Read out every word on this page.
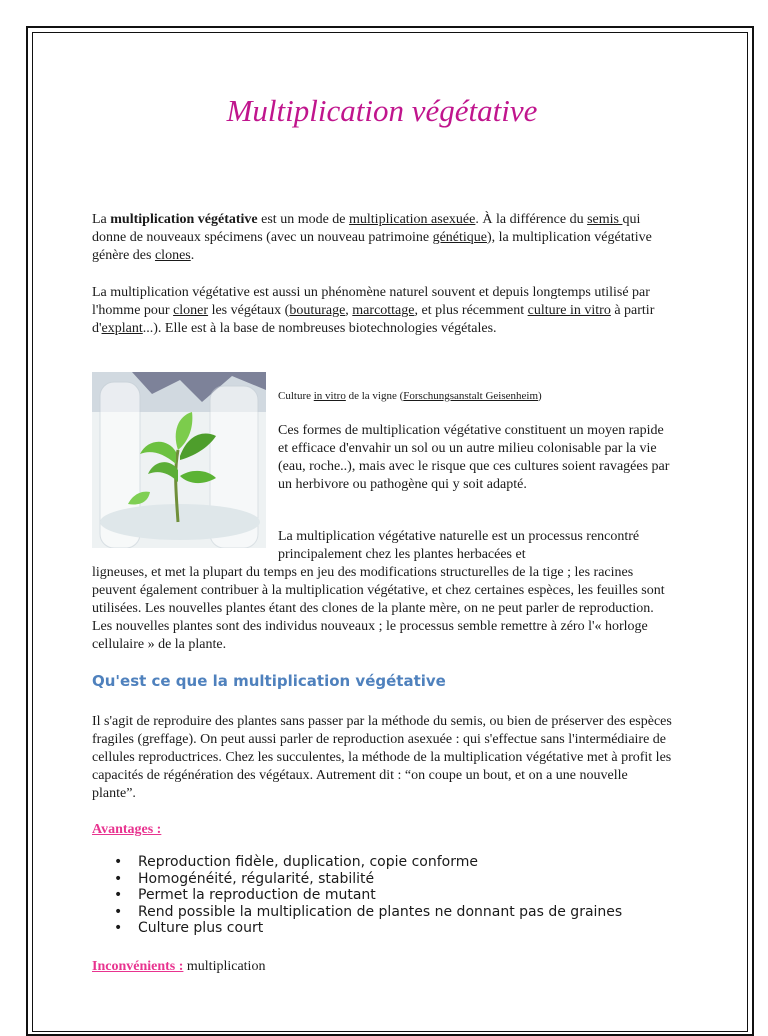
Multiplication végétative

La multiplication végétative est un mode de multiplication asexuée. À la différence du semis qui donne de nouveaux spécimens (avec un nouveau patrimoine génétique), la multiplication végétative génère des clones.

La multiplication végétative est aussi un phénomène naturel souvent et depuis longtemps utilisé par l'homme pour cloner les végétaux (bouturage, marcottage, et plus récemment culture in vitro à partir d'explant...). Elle est à la base de nombreuses biotechnologies végétales.

Culture in vitro de la vigne (Forschungsanstalt Geisenheim)

Ces formes de multiplication végétative constituent un moyen rapide et efficace d'envahir un sol ou un autre milieu colonisable par la vie (eau, roche..), mais avec le risque que ces cultures soient ravagées par un herbivore ou pathogène qui y soit adapté.

La multiplication végétative naturelle est un processus rencontré principalement chez les plantes herbacées et

ligneuses, et met la plupart du temps en jeu des modifications structurelles de la tige ; les racines peuvent également contribuer à la multiplication végétative, et chez certaines espèces, les feuilles sont utilisées. Les nouvelles plantes étant des clones de la plante mère, on ne peut parler de reproduction. Les nouvelles plantes sont des individus nouveaux ; le processus semble remettre à zéro l'« horloge cellulaire » de la plante.

Qu'est ce que la multiplication végétative

Il s'agit de reproduire des plantes sans passer par la méthode du semis, ou bien de préserver des espèces fragiles (greffage). On peut aussi parler de reproduction asexuée : qui s'effectue sans l'intermédiaire de cellules reproductrices. Chez les succulentes, la méthode de la multiplication végétative met à profit les capacités de régénération des végétaux. Autrement dit : “on coupe un bout, et on a une nouvelle plante”.

Avantages :

• Reproduction fidèle, duplication, copie conforme
• Homogénéité, régularité, stabilité
• Permet la reproduction de mutant
• Rend possible la multiplication de plantes ne donnant pas de graines
• Culture plus court

Inconvénients : multiplication
